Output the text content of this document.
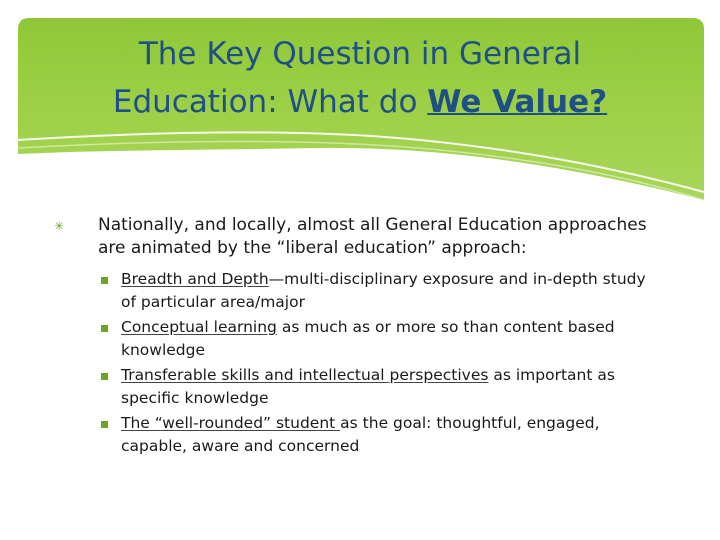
The Key Question in General
Education: What do We Value?
✳ Nationally, and locally, almost all General Education approaches are animated by the “liberal education” approach:
Breadth and Depth—multi-disciplinary exposure and in-depth study of particular area/major
Conceptual learning as much as or more so than content based knowledge
Transferable skills and intellectual perspectives as important as specific knowledge
The “well-rounded” student as the goal: thoughtful, engaged, capable, aware and concerned
